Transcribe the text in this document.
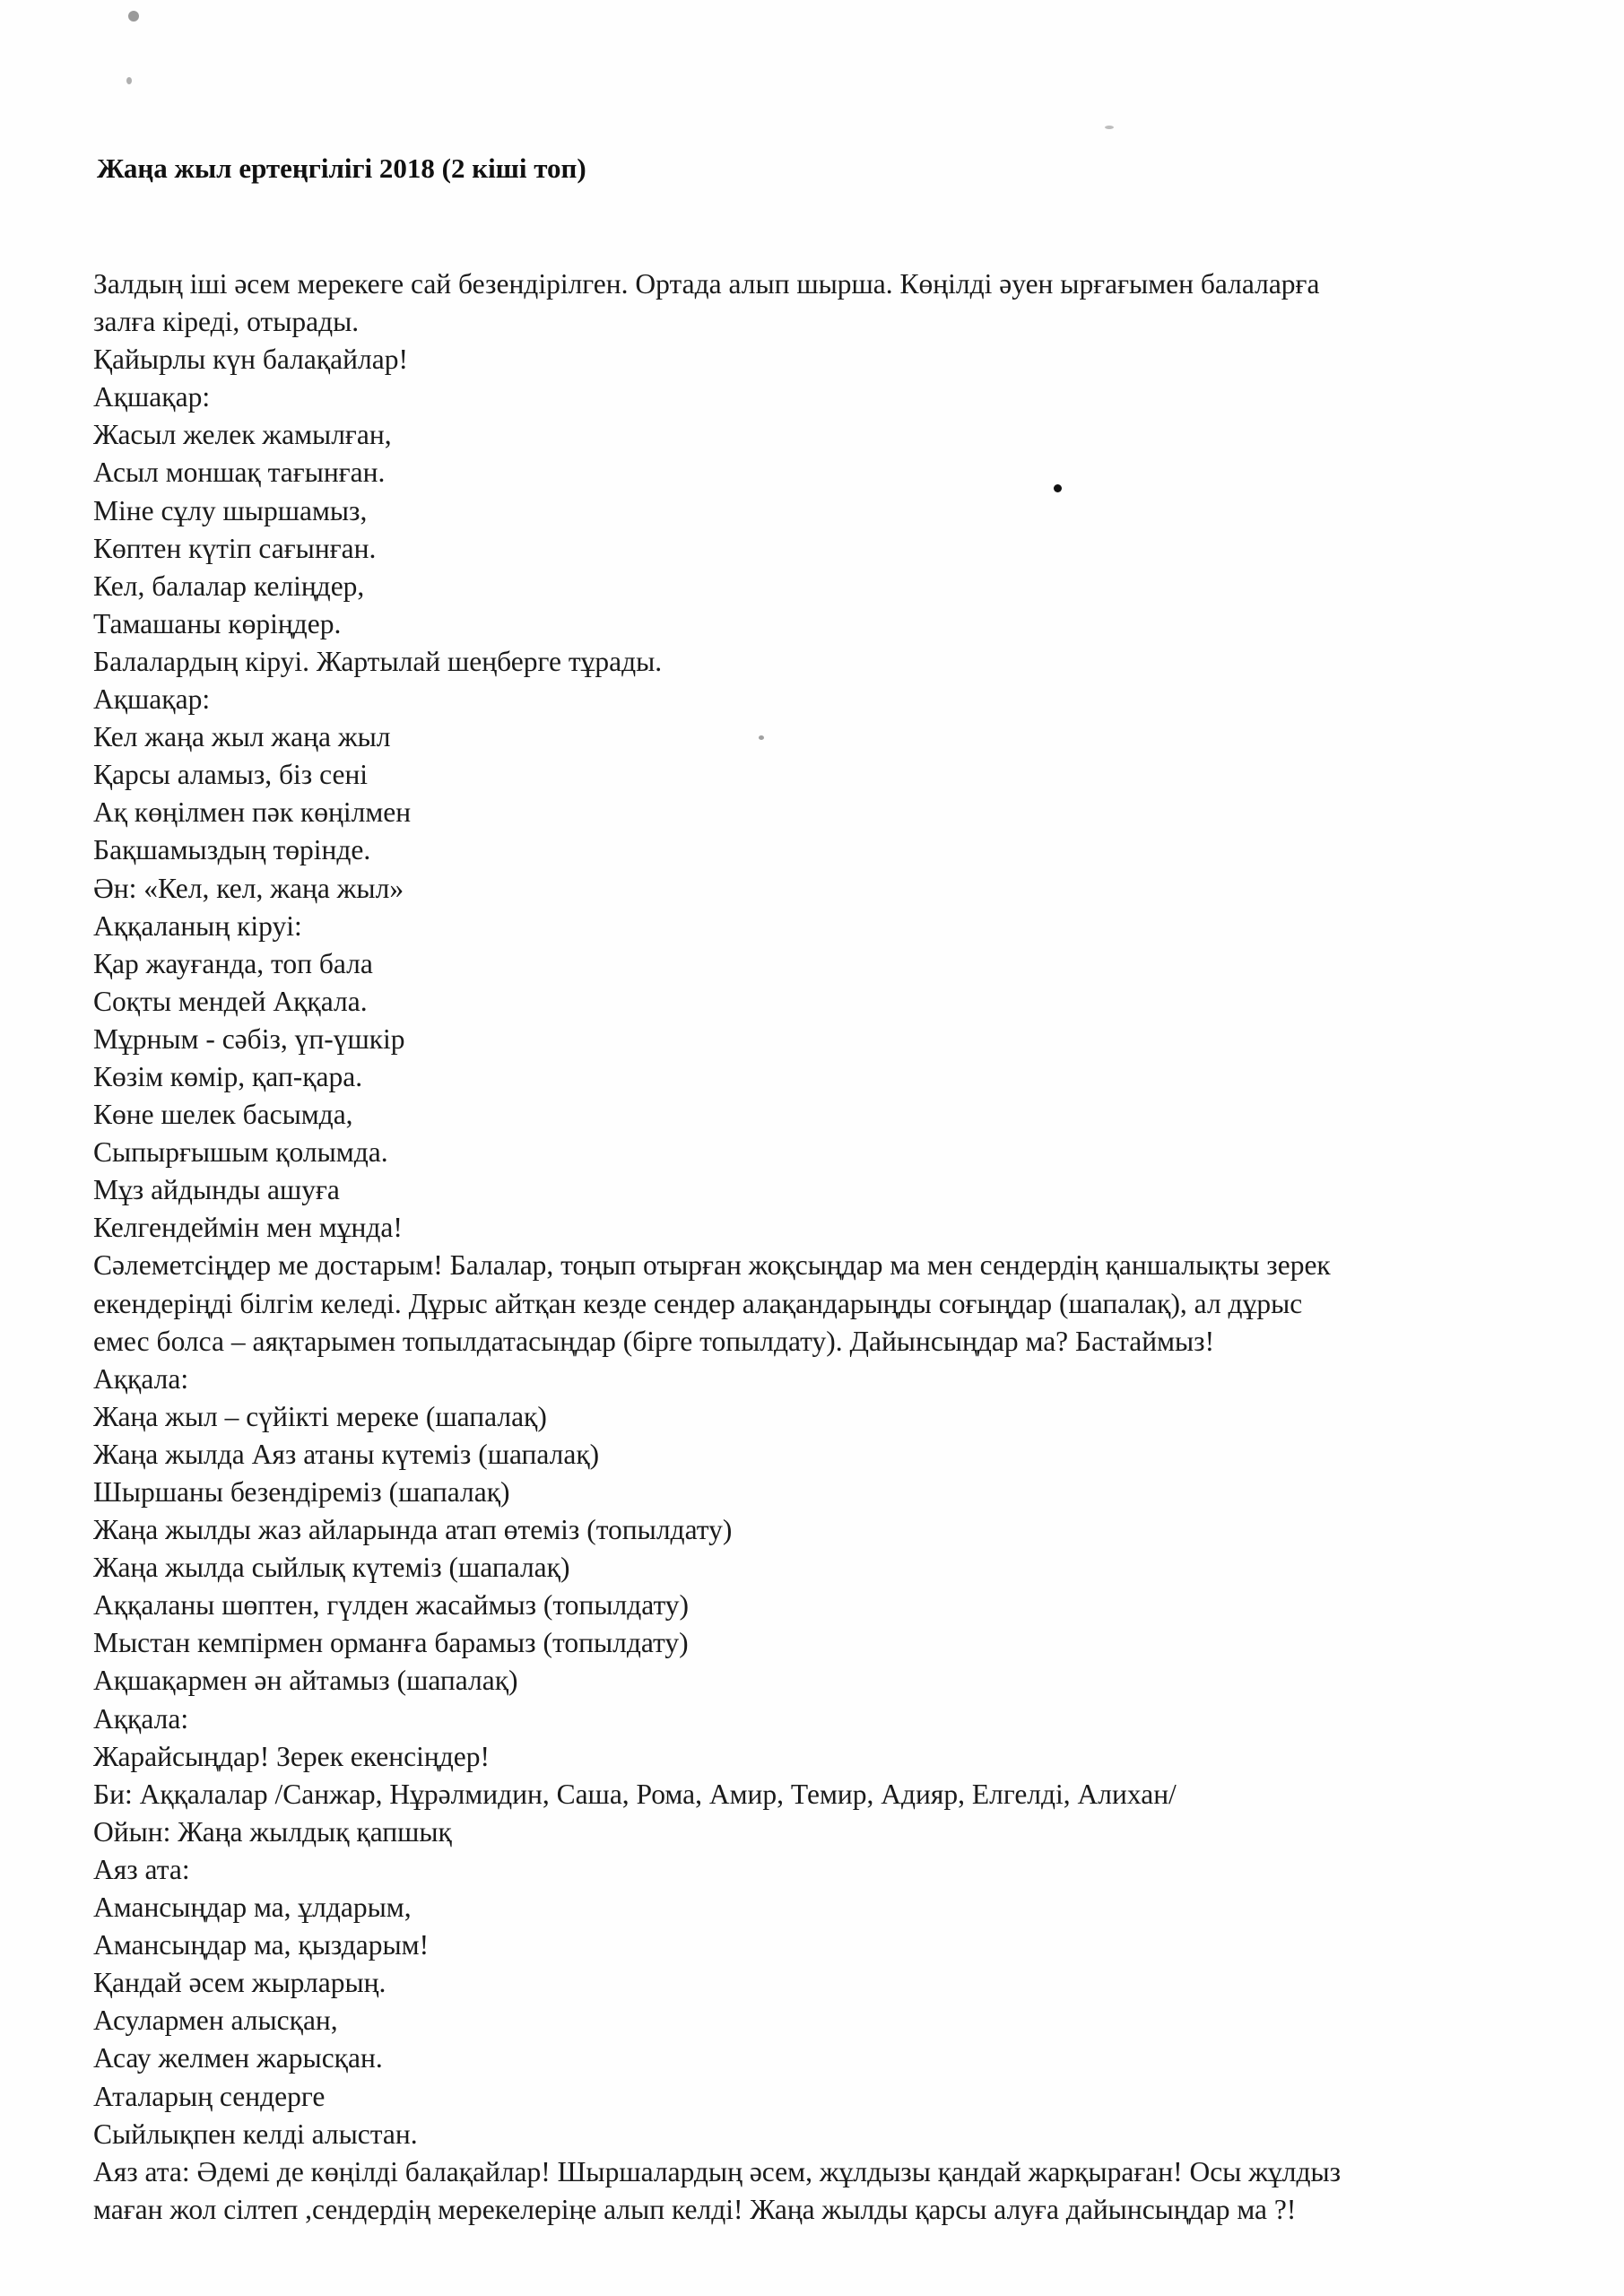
Жаңа жыл ертеңгілігі 2018 (2 кіші топ)
Залдың іші әсем мерекеге сай безендірілген. Ортада алып шырша. Көңілді әуен ырғағымен балаларға
залға кіреді, отырады.
Қайырлы күн балақайлар!
Ақшақар:
Жасыл желек жамылған,
Асыл моншақ тағынған.
Міне сұлу шыршамыз,
Көптен күтіп сағынған.
Кел, балалар келіңдер,
Тамашаны көріңдер.
Балалардың кіруі. Жартылай шеңберге тұрады.
Ақшақар:
Кел жаңа жыл жаңа жыл
Қарсы аламыз, біз сені
Ақ көңілмен пәк көңілмен
Бақшамыздың төрінде.
Ән: «Кел, кел, жаңа жыл»
Аққаланың кіруі:
Қар жауғанда, топ бала
Соқты мендей Аққала.
Мұрным - сәбіз, үп-үшкір
Көзім көмір, қап-қара.
Көне шелек басымда,
Сыпырғышым қолымда.
Мұз айдынды ашуға
Келгендеймін мен мұнда!
Сәлеметсіңдер ме достарым! Балалар, тоңып отырған жоқсыңдар ма мен сендердің қаншалықты зерек
екендеріңді білгім келеді. Дұрыс айтқан кезде сендер алақандарыңды соғыңдар (шапалақ), ал дұрыс
емес болса – аяқтарымен топылдатасыңдар (бірге топылдату). Дайынсыңдар ма? Бастаймыз!
Аққала:
Жаңа жыл – сүйікті мереке (шапалақ)
Жаңа жылда Аяз атаны күтеміз (шапалақ)
Шыршаны безендіреміз (шапалақ)
Жаңа жылды жаз айларында атап өтеміз (топылдату)
Жаңа жылда сыйлық күтеміз (шапалақ)
Аққаланы шөптен, гүлден жасаймыз (топылдату)
Мыстан кемпірмен орманға барамыз (топылдату)
Ақшақармен ән айтамыз (шапалақ)
Аққала:
Жарайсыңдар! Зерек екенсіңдер!
Би: Аққалалар /Санжар, Нұрәлмидин, Саша, Рома, Амир, Темир, Адияр, Елгелді, Алихан/
Ойын: Жаңа жылдық қапшық
Аяз ата:
Амансыңдар ма, ұлдарым,
Амансыңдар ма, қыздарым!
Қандай әсем жырларың.
Асулармен алысқан,
Асау желмен жарысқан.
Аталарың сендерге
Сыйлықпен келді алыстан.
Аяз ата: Әдемі де көңілді балақайлар! Шыршалардың әсем, жұлдызы қандай жарқыраған! Осы жұлдыз
маған жол сілтеп ,сендердің мерекелеріңе алып келді! Жаңа жылды қарсы алуға дайынсыңдар ма ?!
